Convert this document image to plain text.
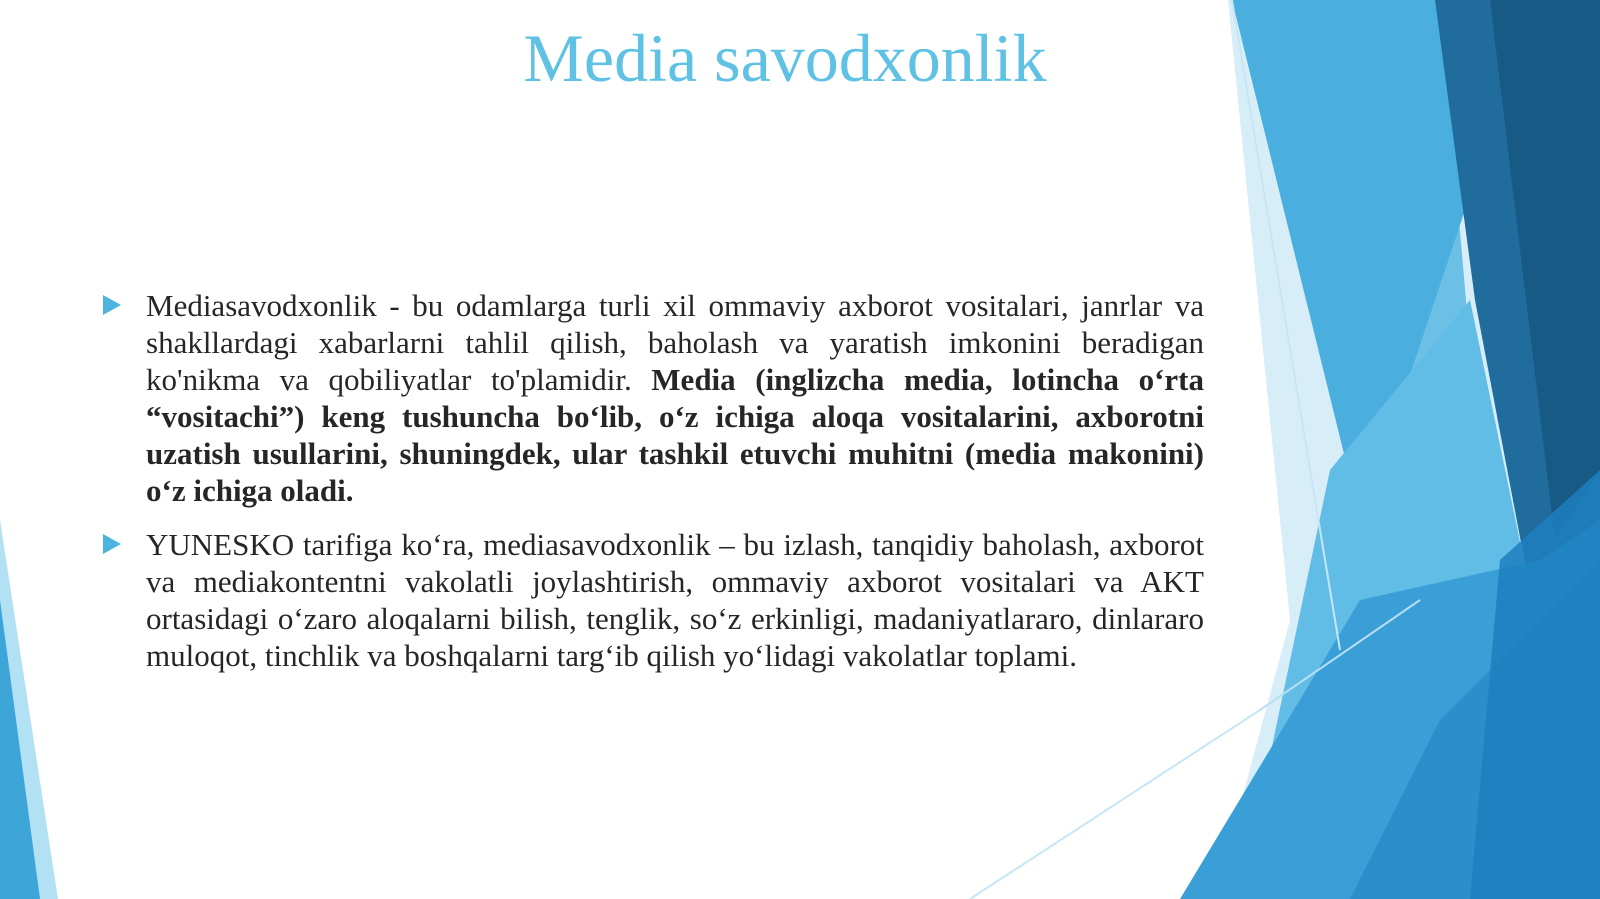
Media savodxonlik

Mediasavodxonlik - bu odamlarga turli xil ommaviy axborot vositalari, janrlar va shakllardagi xabarlarni tahlil qilish, baholash va yaratish imkonini beradigan ko'nikma va qobiliyatlar to'plamidir. Media (inglizcha media, lotincha o‘rta “vositachi”) keng tushuncha bo‘lib, o‘z ichiga aloqa vositalarini, axborotni uzatish usullarini, shuningdek, ular tashkil etuvchi muhitni (media makonini) o‘z ichiga oladi.

YUNESKO tarifiga ko‘ra, mediasavodxonlik – bu izlash, tanqidiy baholash, axborot va mediakontentni vakolatli joylashtirish, ommaviy axborot vositalari va AKT ortasidagi o‘zaro aloqalarni bilish, tenglik, so‘z erkinligi, madaniyatlararo, dinlararo muloqot, tinchlik va boshqalarni targ‘ib qilish yo‘lidagi vakolatlar toplami.
